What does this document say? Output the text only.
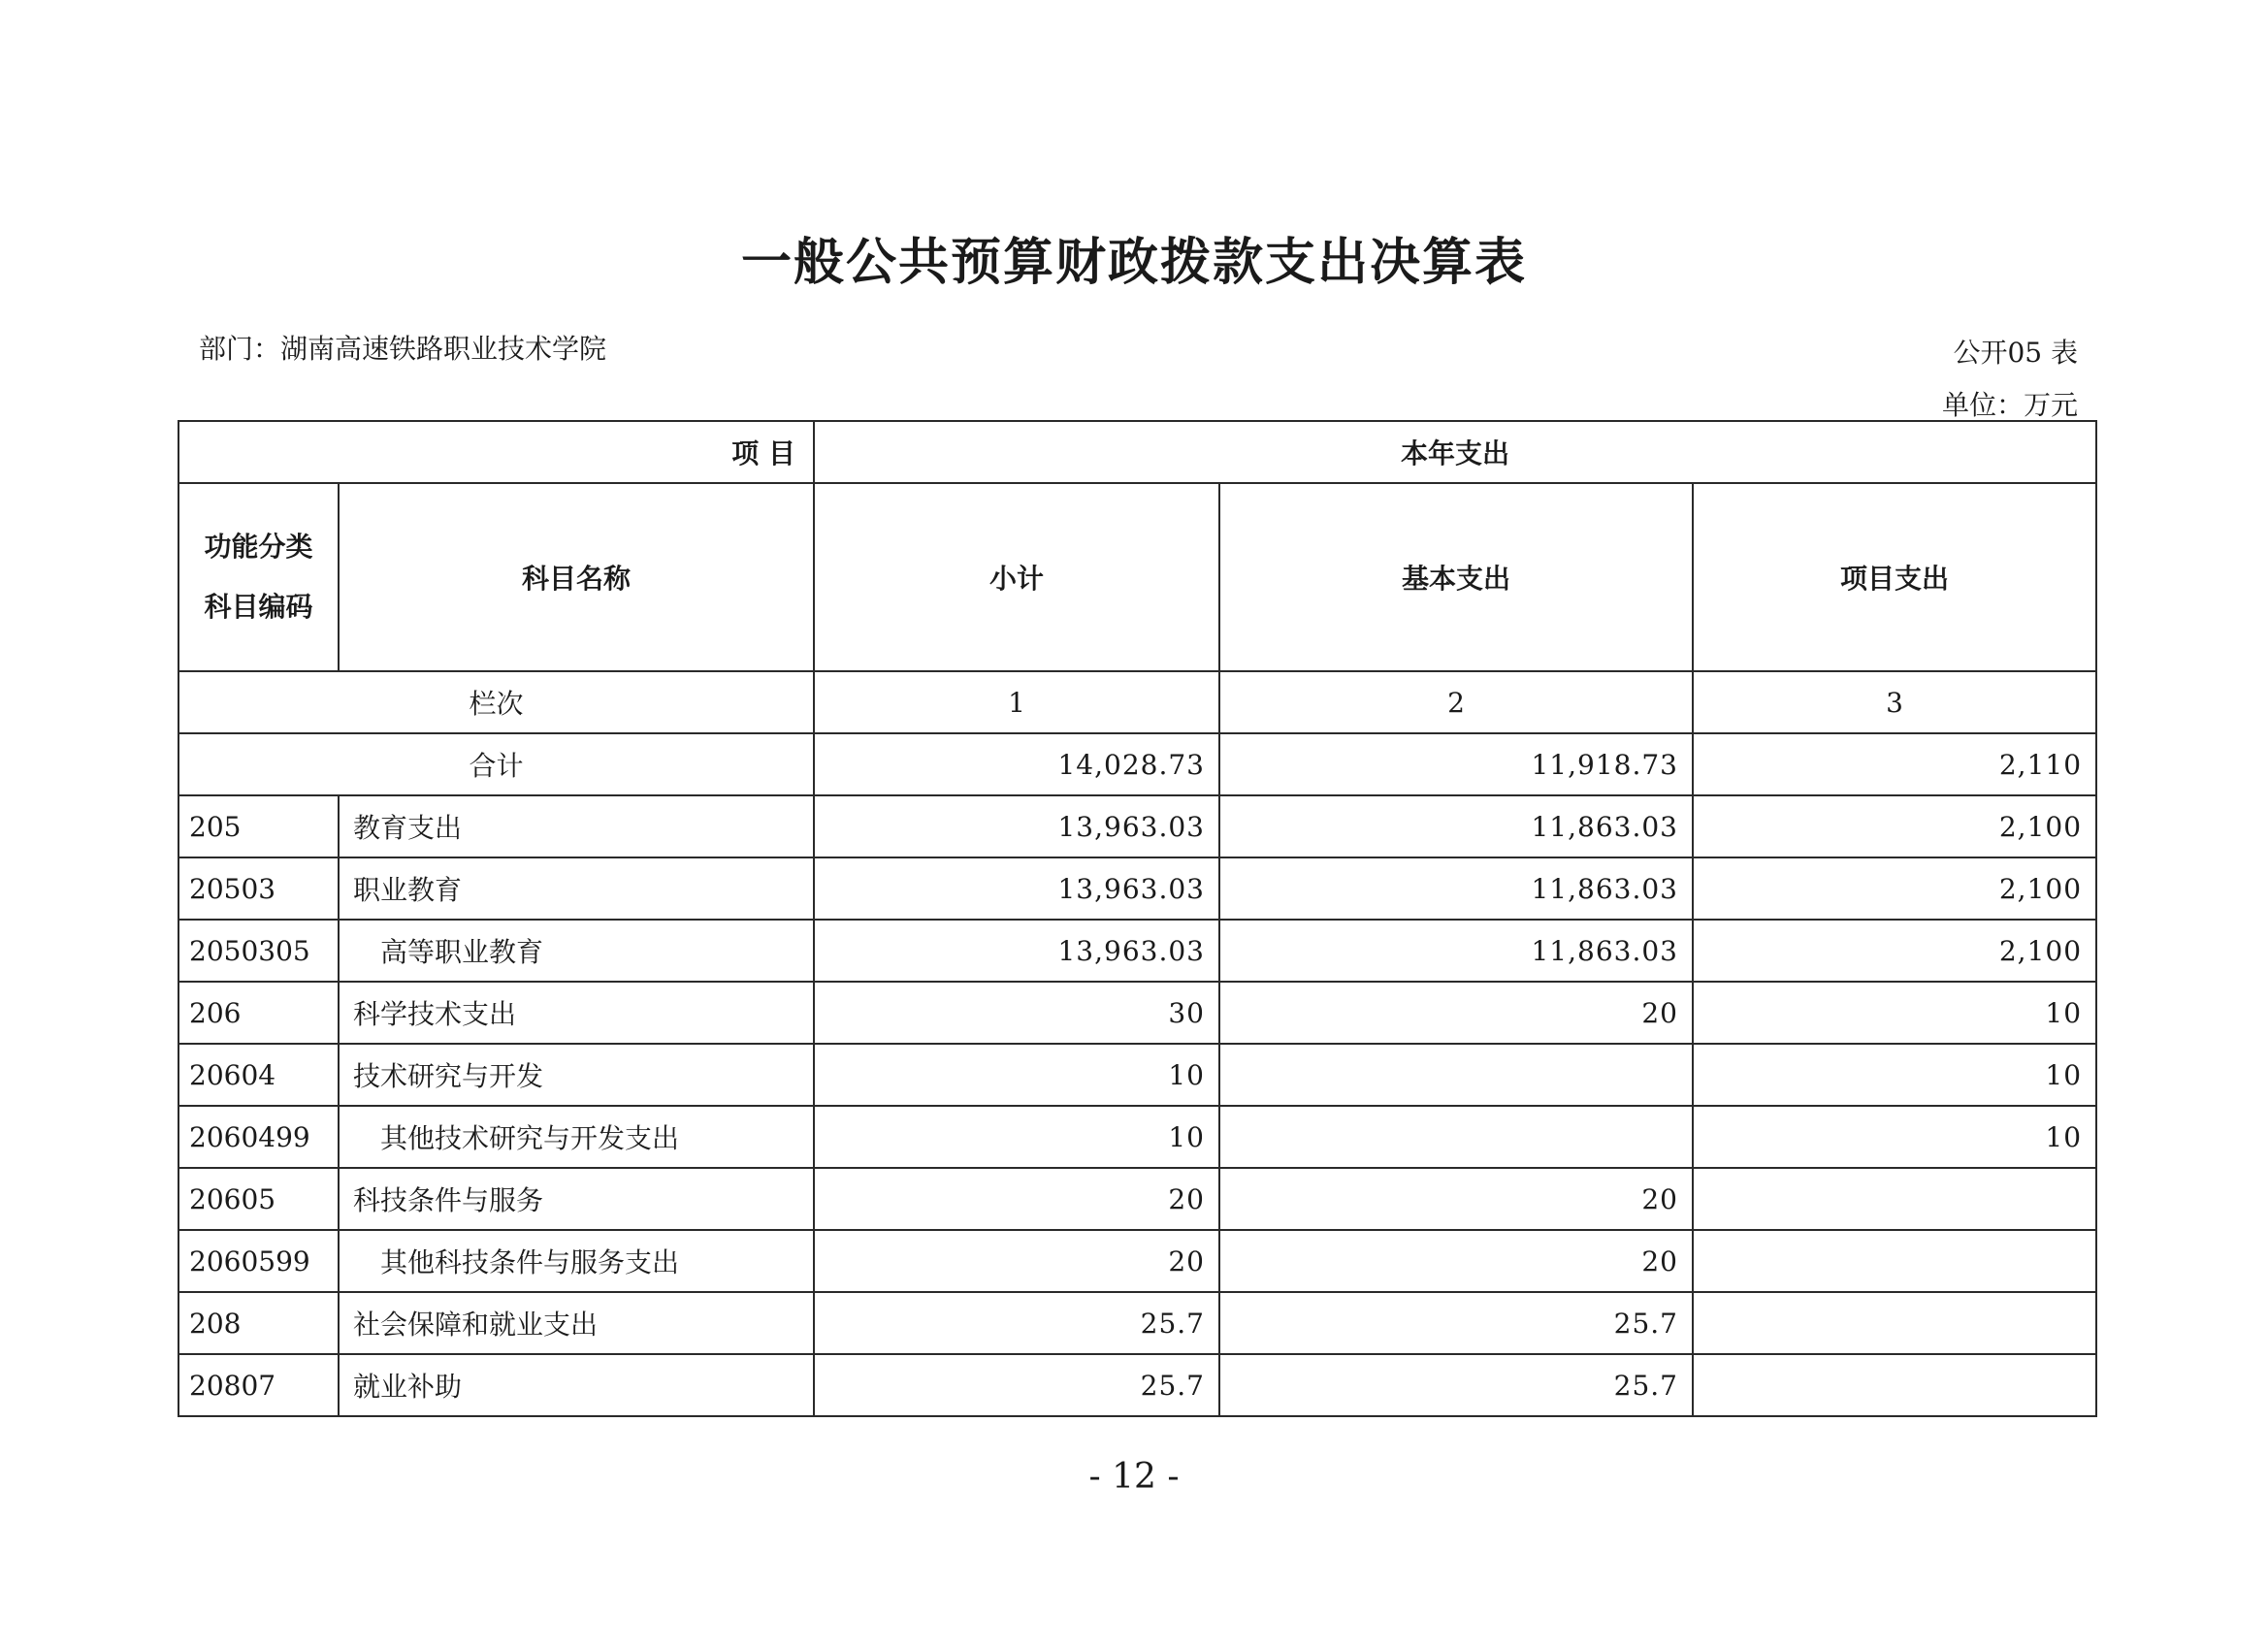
一般公共预算财政拨款支出决算表
部门：湖南高速铁路职业技术学院	公开05 表
单位：万元
项 目		本年支出		
功能分类
科目编码	科目名称	小计	基本支出	项目支出
栏次		1	2	3
合计		14,028.73	11,918.73	2,110
205	教育支出	13,963.03	11,863.03	2,100
20503	职业教育	13,963.03	11,863.03	2,100
2050305	高等职业教育	13,963.03	11,863.03	2,100
206	科学技术支出	30	20	10
20604	技术研究与开发	10		10
2060499	其他技术研究与开发支出	10		10
20605	科技条件与服务	20	20	
2060599	其他科技条件与服务支出	20	20	
208	社会保障和就业支出	25.7	25.7	
20807	就业补助	25.7	25.7	
- 12 -
